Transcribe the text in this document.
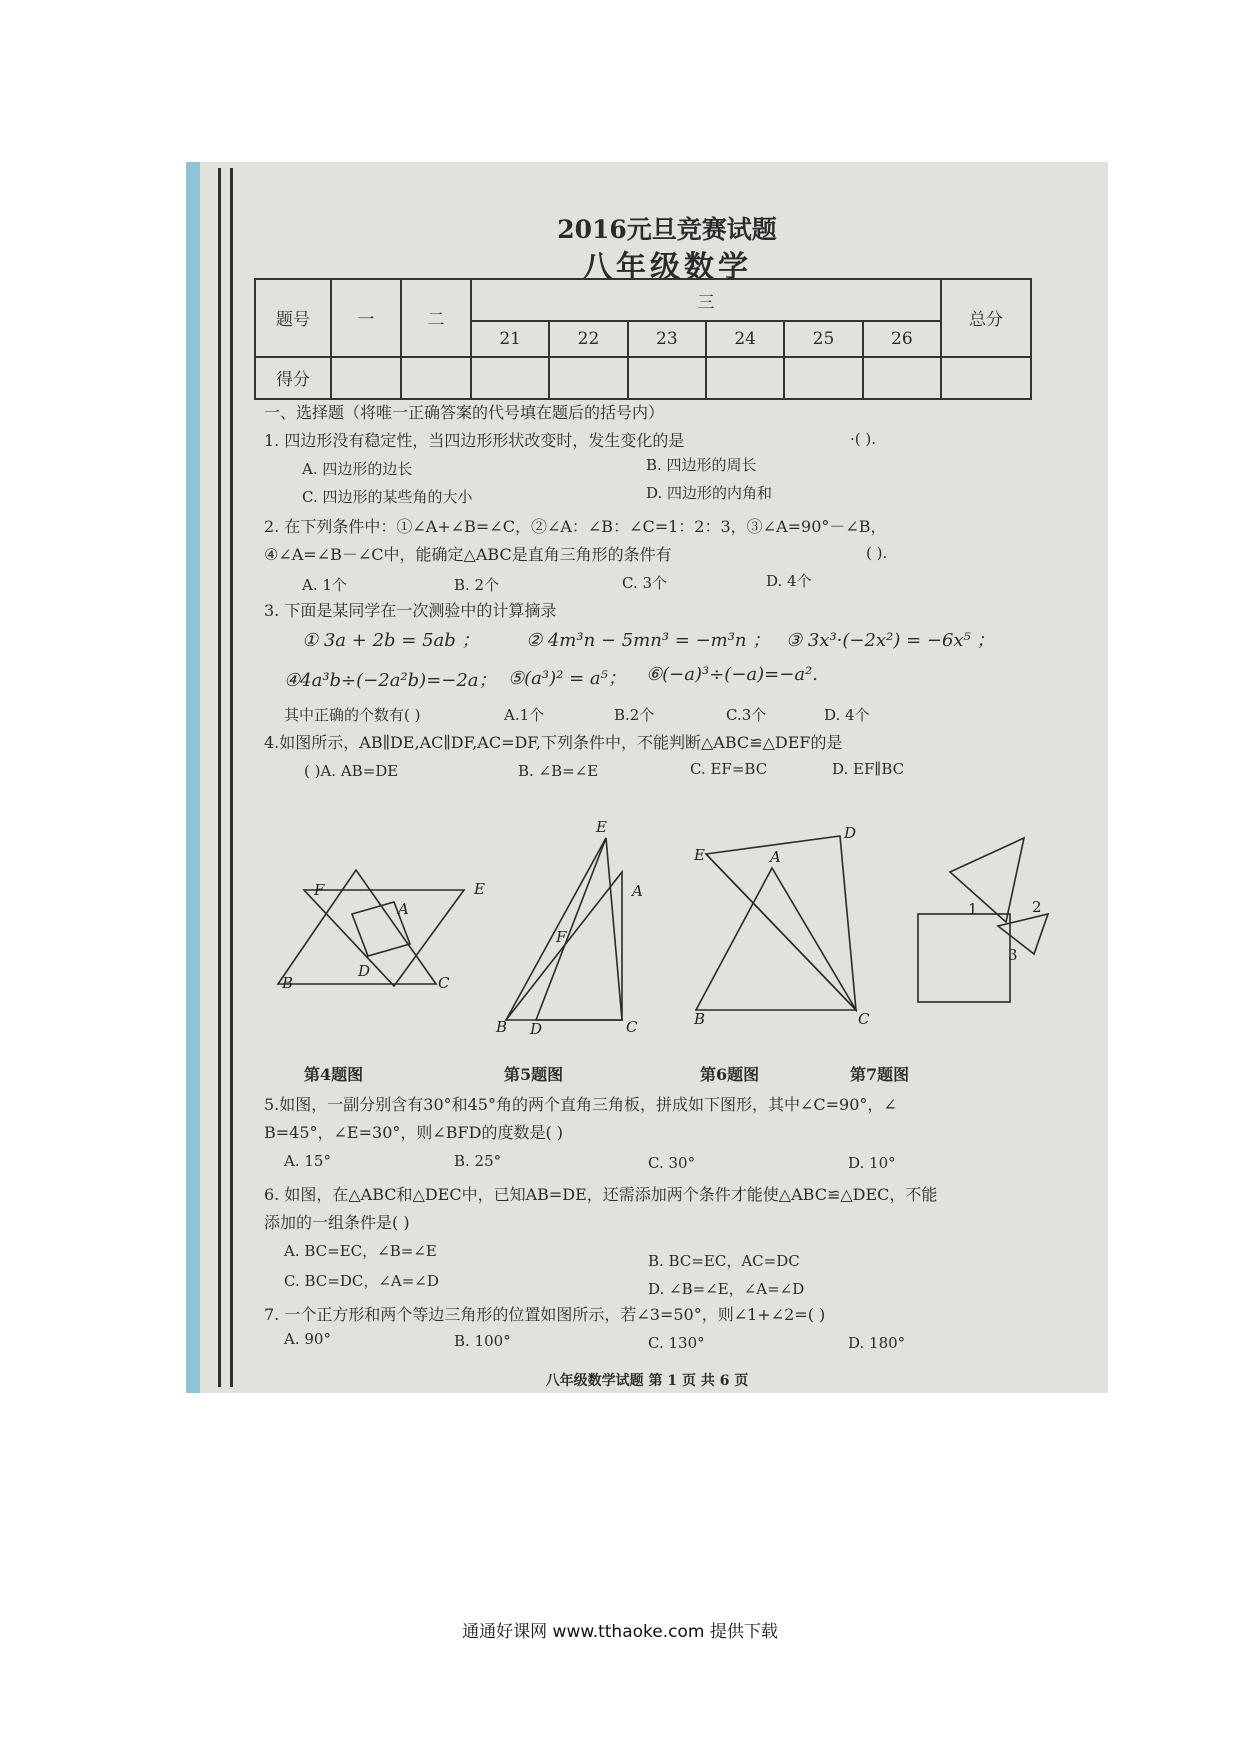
2016元旦竞赛试题
八年级数学
题号	一	二	三						总分
			21	22	23	24	25	26	
得分									
一、选择题（将唯一正确答案的代号填在题后的括号内）
1. 四边形没有稳定性，当四边形形状改变时，发生变化的是	·( ).
A. 四边形的边长	B. 四边形的周长
C. 四边形的某些角的大小	D. 四边形的内角和
2. 在下列条件中：①∠A+∠B=∠C，②∠A：∠B：∠C=1：2：3，③∠A=90°－∠B，
④∠A=∠B－∠C中，能确定△ABC是直角三角形的条件有	( ).
A. 1个	B. 2个	C. 3个	D. 4个
3. 下面是某同学在一次测验中的计算摘录
① 3a + 2b = 5ab ；	② 4m³n − 5mn³ = −m³n ； ③ 3x³·(−2x²) = −6x⁵ ；
④4a³b÷(−2a²b)=−2a； ⑤(a³)² = a⁵； ⑥(−a)³÷(−a)=−a².
其中正确的个数有( )	A.1个	B.2个	C.3个	D. 4个
4.如图所示，AB∥DE,AC∥DF,AC=DF,下列条件中，不能判断△ABC≌△DEF的是
( )A. AB=DE	B. ∠B=∠E	C. EF=BC	D. EF∥BC
F	E
A
D
B	C
E
A
F
B D	C
D
E	A
B	C
1	2
3
第4题图	第5题图	第6题图	第7题图
5.如图，一副分别含有30°和45°角的两个直角三角板，拼成如下图形，其中∠C=90°，∠
B=45°，∠E=30°，则∠BFD的度数是( )
A. 15°	B. 25°	C. 30°	D. 10°
6. 如图，在△ABC和△DEC中，已知AB=DE，还需添加两个条件才能使△ABC≌△DEC，不能
添加的一组条件是( )
A. BC=EC，∠B=∠E
B. BC=EC，AC=DC
C. BC=DC，∠A=∠D	D. ∠B=∠E，∠A=∠D
7. 一个正方形和两个等边三角形的位置如图所示，若∠3=50°，则∠1+∠2=( )
A. 90°	B. 100°	C. 130°	D. 180°
八年级数学试题 第 1 页 共 6 页
通通好课网 www.tthaoke.com 提供下载
